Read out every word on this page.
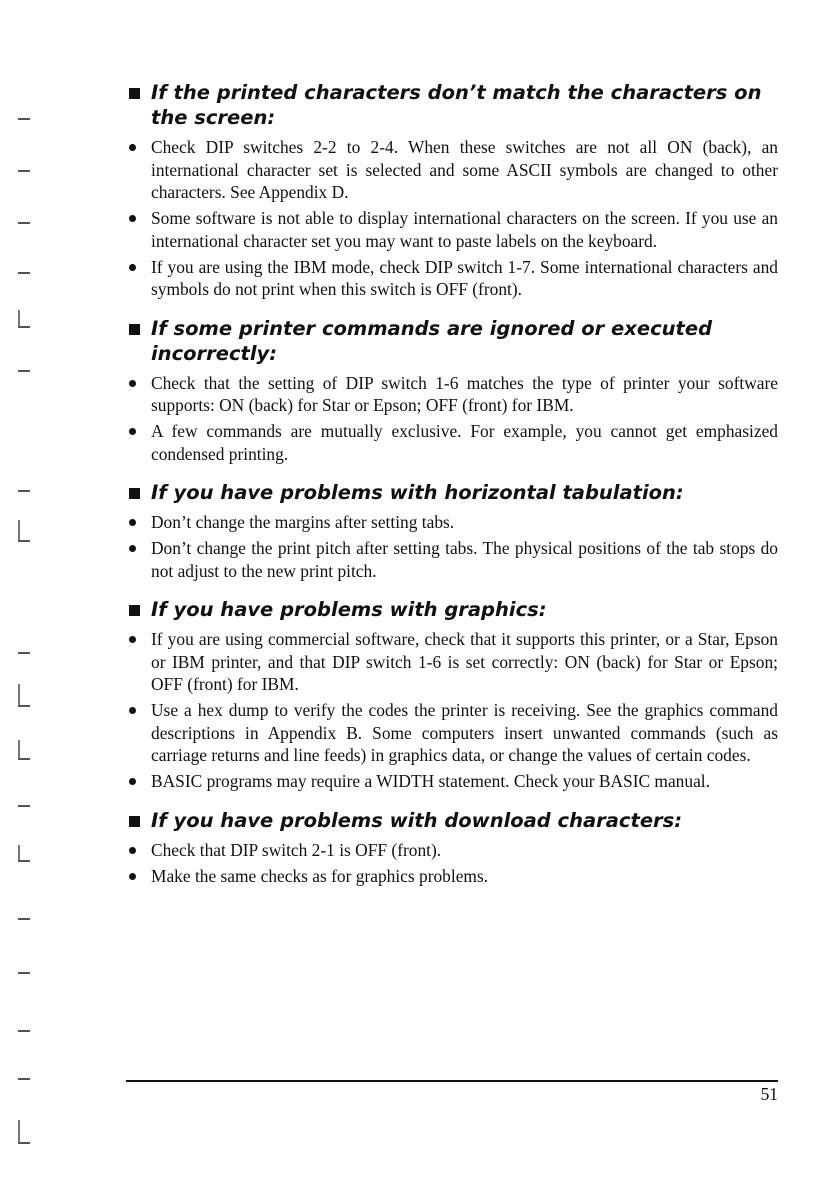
If the printed characters don’t match the characters on the screen:
Check DIP switches 2-2 to 2-4. When these switches are not all ON (back), an international character set is selected and some ASCII symbols are changed to other characters. See Appendix D.
Some software is not able to display international characters on the screen. If you use an international character set you may want to paste labels on the keyboard.
If you are using the IBM mode, check DIP switch 1-7. Some international characters and symbols do not print when this switch is OFF (front).
If some printer commands are ignored or executed incorrectly:
Check that the setting of DIP switch 1-6 matches the type of printer your software supports: ON (back) for Star or Epson; OFF (front) for IBM.
A few commands are mutually exclusive. For example, you cannot get emphasized condensed printing.
If you have problems with horizontal tabulation:
Don’t change the margins after setting tabs.
Don’t change the print pitch after setting tabs. The physical positions of the tab stops do not adjust to the new print pitch.
If you have problems with graphics:
If you are using commercial software, check that it supports this printer, or a Star, Epson or IBM printer, and that DIP switch 1-6 is set correctly: ON (back) for Star or Epson; OFF (front) for IBM.
Use a hex dump to verify the codes the printer is receiving. See the graphics command descriptions in Appendix B. Some computers insert unwanted commands (such as carriage returns and line feeds) in graphics data, or change the values of certain codes.
BASIC programs may require a WIDTH statement. Check your BASIC manual.
If you have problems with download characters:
Check that DIP switch 2-1 is OFF (front).
Make the same checks as for graphics problems.
51
